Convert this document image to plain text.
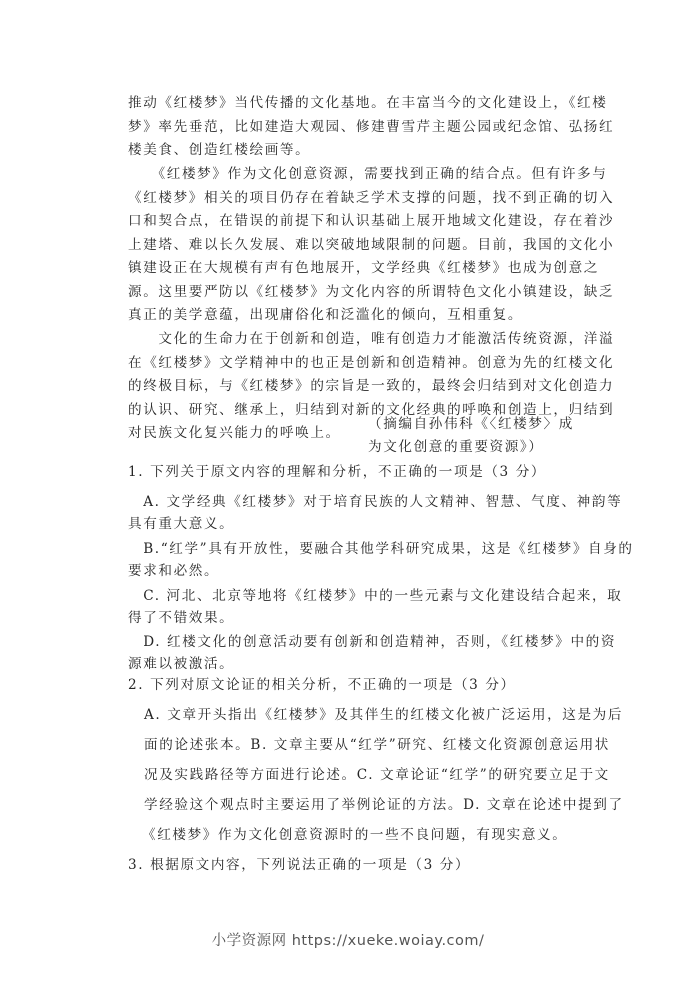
推动《红楼梦》当代传播的文化基地。在丰富当今的文化建设上，《红楼
梦》率先垂范，比如建造大观园、修建曹雪芹主题公园或纪念馆、弘扬红
楼美食、创造红楼绘画等。
　　《红楼梦》作为文化创意资源，需要找到正确的结合点。但有许多与
《红楼梦》相关的项目仍存在着缺乏学术支撑的问题，找不到正确的切入
口和契合点，在错误的前提下和认识基础上展开地域文化建设，存在着沙
上建塔、难以长久发展、难以突破地域限制的问题。目前，我国的文化小
镇建设正在大规模有声有色地展开，文学经典《红楼梦》也成为创意之
源。这里要严防以《红楼梦》为文化内容的所谓特色文化小镇建设，缺乏
真正的美学意蕴，出现庸俗化和泛滥化的倾向，互相重复。
　　文化的生命力在于创新和创造，唯有创造力才能激活传统资源，洋溢
在《红楼梦》文学精神中的也正是创新和创造精神。创意为先的红楼文化
的终极目标，与《红楼梦》的宗旨是一致的，最终会归结到对文化创造力
的认识、研究、继承上，归结到对新的文化经典的呼唤和创造上，归结到
对民族文化复兴能力的呼唤上。
（摘编自孙伟科《〈红楼梦〉成
为文化创意的重要资源》）
1. 下列关于原文内容的理解和分析，不正确的一项是（3 分）
　A. 文学经典《红楼梦》对于培育民族的人文精神、智慧、气度、神韵等
具有重大意义。
　B.“红学”具有开放性，要融合其他学科研究成果，这是《红楼梦》自身的
要求和必然。
　C. 河北、北京等地将《红楼梦》中的一些元素与文化建设结合起来，取
得了不错效果。
　D. 红楼文化的创意活动要有创新和创造精神，否则，《红楼梦》中的资
源难以被激活。
2. 下列对原文论证的相关分析，不正确的一项是（3 分）
A. 文章开头指出《红楼梦》及其伴生的红楼文化被广泛运用，这是为后
面的论述张本。B. 文章主要从“红学”研究、红楼文化资源创意运用状
况及实践路径等方面进行论述。C. 文章论证“红学”的研究要立足于文
学经验这个观点时主要运用了举例论证的方法。D. 文章在论述中提到了
《红楼梦》作为文化创意资源时的一些不良问题，有现实意义。
3. 根据原文内容，下列说法正确的一项是（3 分）
小学资源网 https://xueke.woiay.com/
